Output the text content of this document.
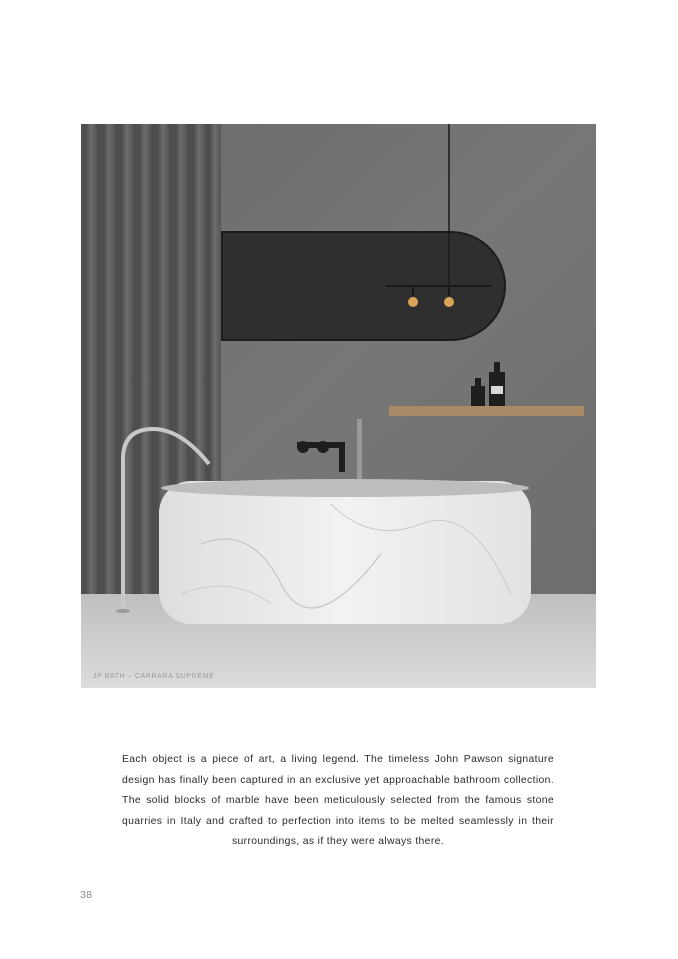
JP BATH – CARRARA SUPREME

Each object is a piece of art, a living legend. The timeless John Pawson signature design has finally been captured in an exclusive yet approachable bathroom collection. The solid blocks of marble have been meticulously selected from the famous stone quarries in Italy and crafted to perfection into items to be melted seamlessly in their surroundings, as if they were always there.

38
